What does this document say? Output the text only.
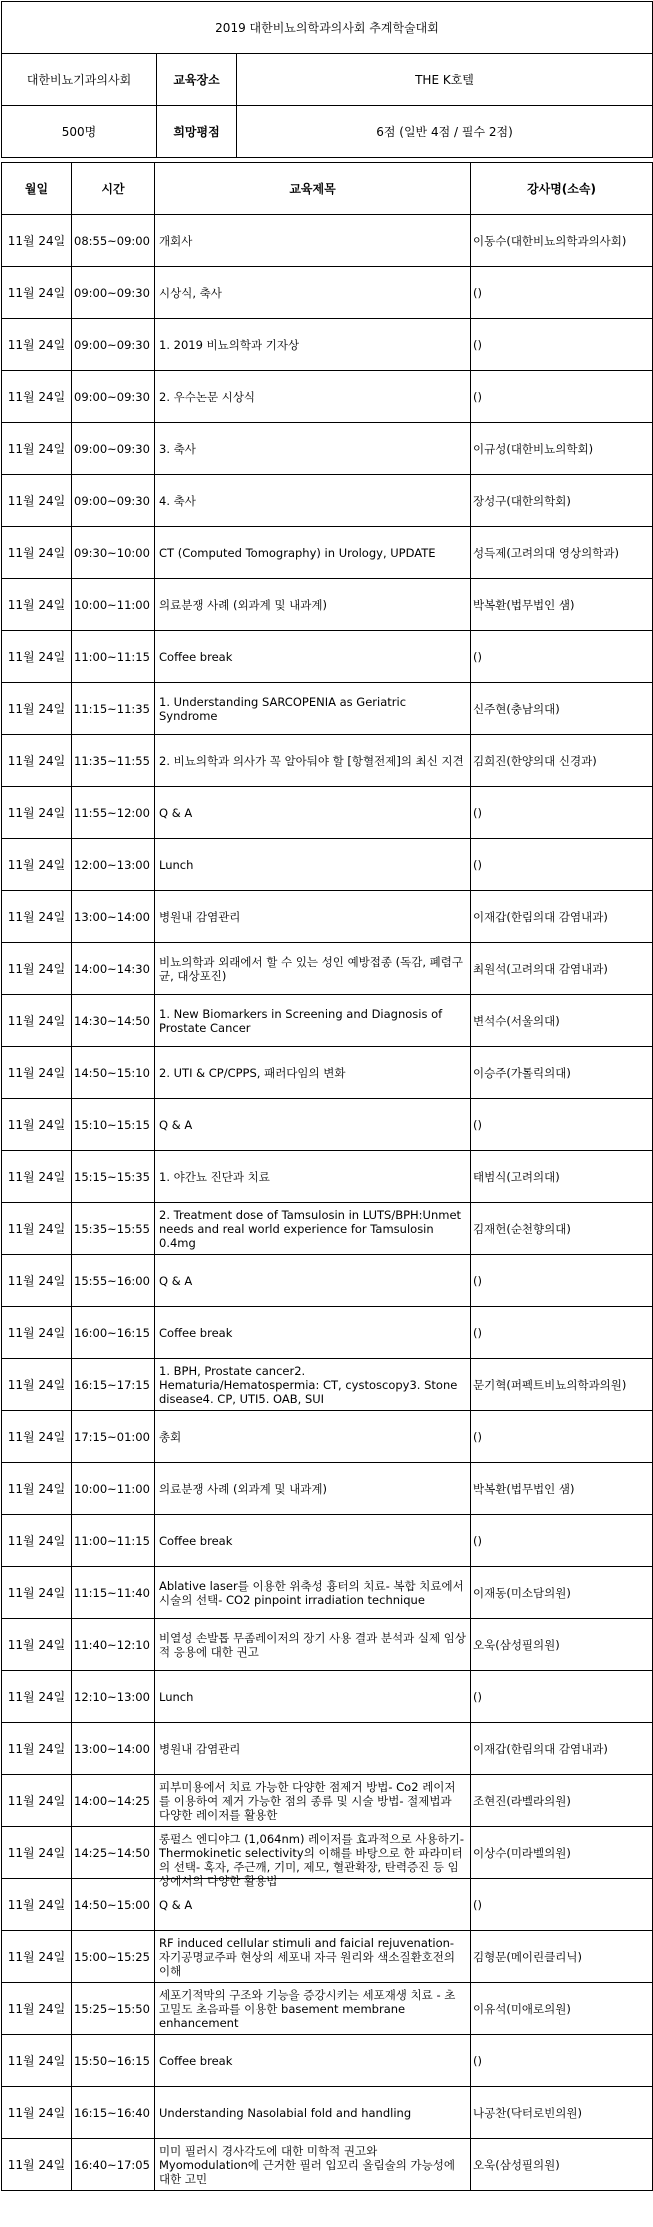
2019 대한비뇨의학과의사회 추계학술대회		
대한비뇨기과의사회	교육장소	THE K호텔
500명	희망평점	6점 (일반 4점 / 필수 2점)
월일	시간	교육제목	강사명(소속)
11월 24일	08:55~09:00	개회사	이동수(대한비뇨의학과의사회)
11월 24일	09:00~09:30	시상식, 축사	()
11월 24일	09:00~09:30	1. 2019 비뇨의학과 기자상	()
11월 24일	09:00~09:30	2. 우수논문 시상식	()
11월 24일	09:00~09:30	3. 축사	이규성(대한비뇨의학회)
11월 24일	09:00~09:30	4. 축사	장성구(대한의학회)
11월 24일	09:30~10:00	CT (Computed Tomography) in Urology, UPDATE	성득제(고려의대 영상의학과)
11월 24일	10:00~11:00	의료분쟁 사례 (외과계 및 내과계)	박복환(법무법인 샘)
11월 24일	11:00~11:15	Coffee break	()
11월 24일	11:15~11:35	1. Understanding SARCOPENIA as Geriatric Syndrome	신주현(충남의대)
11월 24일	11:35~11:55	2. 비뇨의학과 의사가 꼭 알아둬야 할 [항혈전제]의 최신 지견	김희진(한양의대 신경과)
11월 24일	11:55~12:00	Q & A	()
11월 24일	12:00~13:00	Lunch	()
11월 24일	13:00~14:00	병원내 감염관리	이재갑(한림의대 감염내과)
11월 24일	14:00~14:30	비뇨의학과 외래에서 할 수 있는 성인 예방접종 (독감, 폐렴구균, 대상포진)	최원석(고려의대 감염내과)
11월 24일	14:30~14:50	1. New Biomarkers in Screening and Diagnosis of Prostate Cancer	변석수(서울의대)
11월 24일	14:50~15:10	2. UTI & CP/CPPS, 패러다임의 변화	이승주(가톨릭의대)
11월 24일	15:10~15:15	Q & A	()
11월 24일	15:15~15:35	1. 야간뇨 진단과 치료	태범식(고려의대)
11월 24일	15:35~15:55	2. Treatment dose of Tamsulosin in LUTS/BPH:Unmet needs and real world experience for Tamsulosin 0.4mg	김재헌(순천향의대)
11월 24일	15:55~16:00	Q & A	()
11월 24일	16:00~16:15	Coffee break	()
11월 24일	16:15~17:15	1. BPH, Prostate cancer2. Hematuria/Hematospermia: CT, cystoscopy3. Stone disease4. CP, UTI5. OAB, SUI	문기혁(퍼펙트비뇨의학과의원)
11월 24일	17:15~01:00	총회	()
11월 24일	10:00~11:00	의료분쟁 사례 (외과계 및 내과계)	박복환(법무법인 샘)
11월 24일	11:00~11:15	Coffee break	()
11월 24일	11:15~11:40	Ablative laser를 이용한 위축성 흉터의 치료- 복합 치료에서 시술의 선택- CO2 pinpoint irradiation technique	이재동(미소담의원)
11월 24일	11:40~12:10	비열성 손발톱 무좀레이저의 장기 사용 결과 분석과 실제 임상적 응용에 대한 권고	오욱(삼성필의원)
11월 24일	12:10~13:00	Lunch	()
11월 24일	13:00~14:00	병원내 감염관리	이재갑(한림의대 감염내과)
11월 24일	14:00~14:25	피부미용에서 치료 가능한 다양한 점제거 방법- Co2 레이저를 이용하여 제거 가능한 점의 종류 및 시술 방법- 절제법과 다양한 레이저를 활용한	조현진(라벨라의원)
11월 24일	14:25~14:50	롱펄스 엔디야그 (1,064nm) 레이저를 효과적으로 사용하기- Thermokinetic selectivity의 이해를 바탕으로 한 파라미터의 선택- 혹자, 주근깨, 기미, 제모, 혈관확장, 탄력증진 등 임상에서의 다양한 활용법	이상수(미라벨의원)
11월 24일	14:50~15:00	Q & A	()
11월 24일	15:00~15:25	RF induced cellular stimuli and faicial rejuvenation- 자기공명교주파 현상의 세포내 자극 원리와 색소질환호전의 이해	김형문(메이린클리닉)
11월 24일	15:25~15:50	세포기적막의 구조와 기능을 증강시키는 세포재생 치료 - 초고밀도 초음파를 이용한 basement membrane enhancement	이유석(미애로의원)
11월 24일	15:50~16:15	Coffee break	()
11월 24일	16:15~16:40	Understanding Nasolabial fold and handling	나공찬(닥터로빈의원)
11월 24일	16:40~17:05	미미 필러시 경사각도에 대한 미학적 권고와 Myomodulation에 근거한 필러 입꼬리 올림술의 가능성에 대한 고민	오욱(삼성필의원)
